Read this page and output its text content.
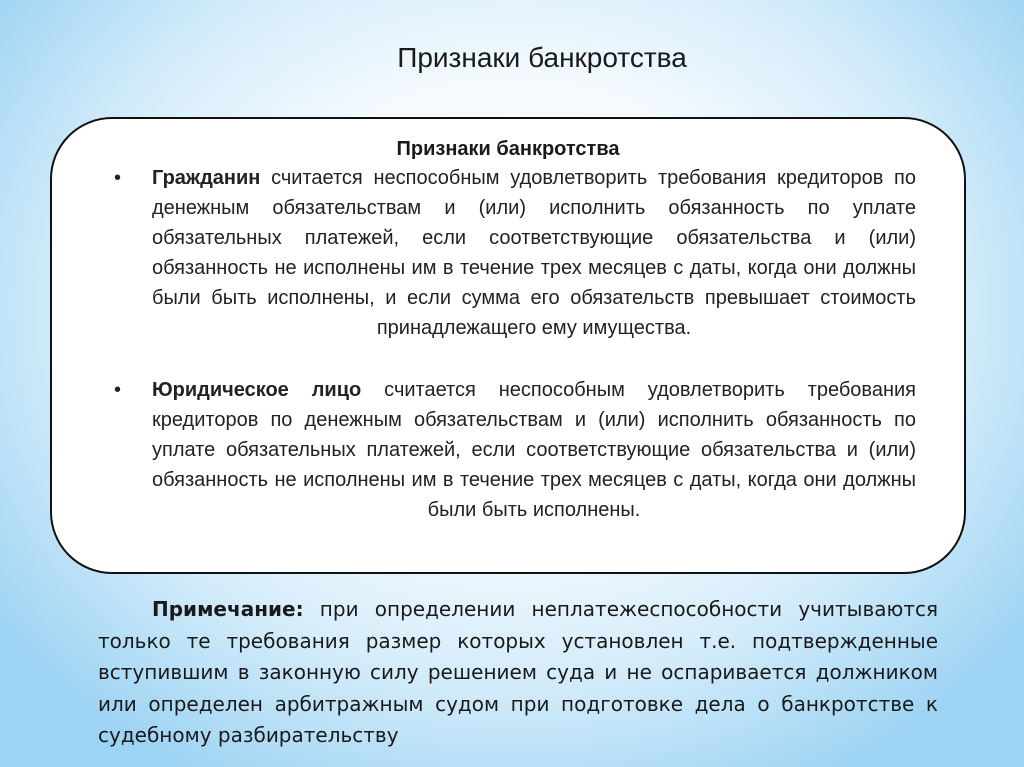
Признаки банкротства
Признаки банкротства
• Гражданин считается неспособным удовлетворить требования кредиторов по денежным обязательствам и (или) исполнить обязанность по уплате обязательных платежей, если соответствующие обязательства и (или) обязанность не исполнены им в течение трех месяцев с даты, когда они должны были быть исполнены, и если сумма его обязательств превышает стоимость принадлежащего ему имущества.
• Юридическое лицо считается неспособным удовлетворить требования кредиторов по денежным обязательствам и (или) исполнить обязанность по уплате обязательных платежей, если соответствующие обязательства и (или) обязанность не исполнены им в течение трех месяцев с даты, когда они должны были быть исполнены.
Примечание: при определении неплатежеспособности учитываются только те требования размер которых установлен т.е. подтвержденные вступившим в законную силу решением суда и не оспаривается должником или определен арбитражным судом при подготовке дела о банкротстве к судебному разбирательству
